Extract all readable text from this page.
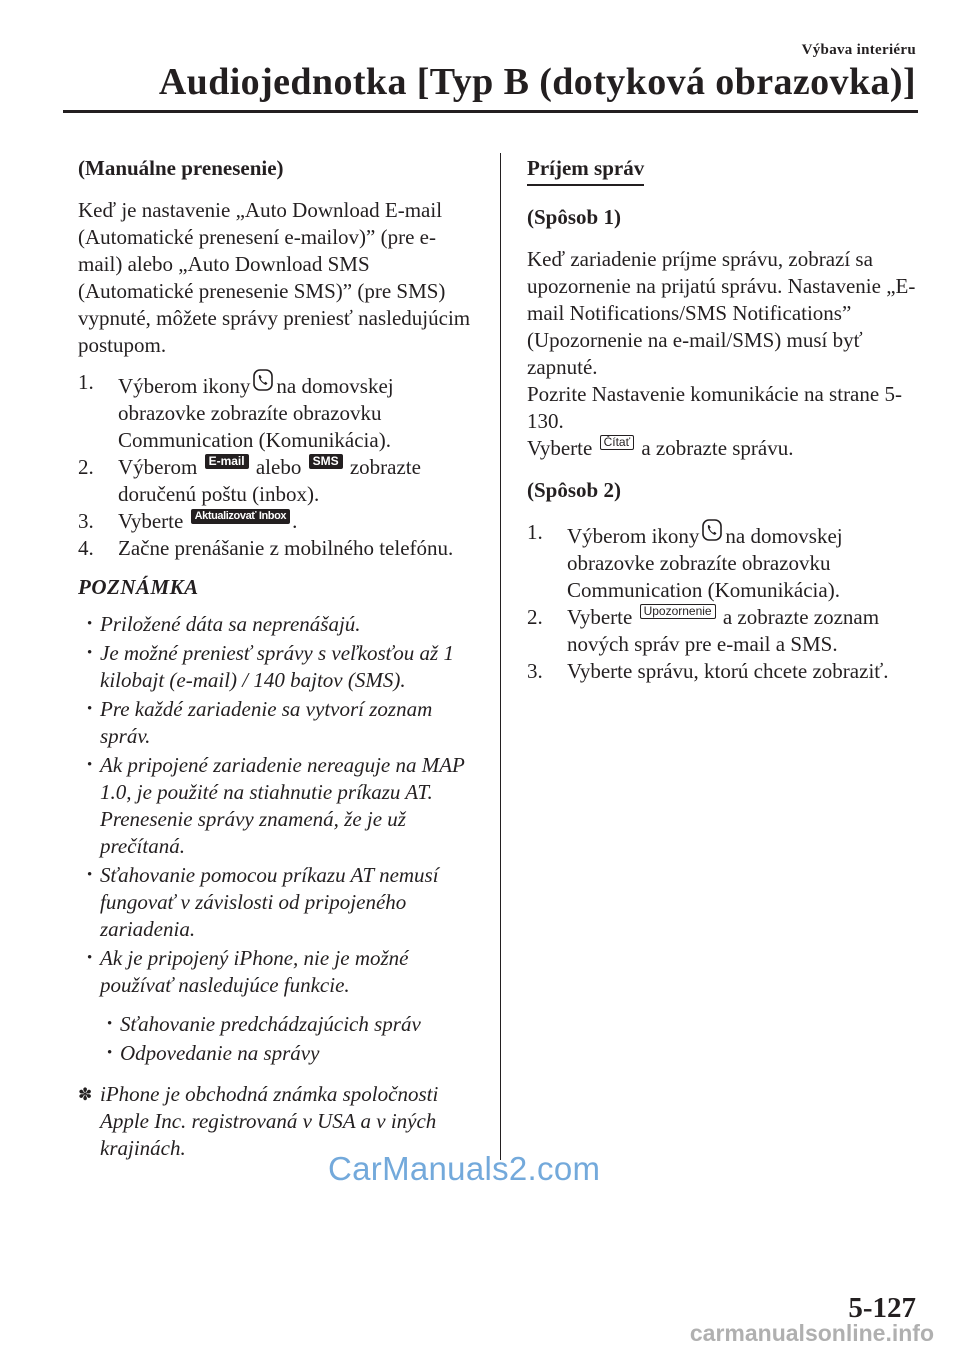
Výbava interiéru
Audiojednotka [Typ B (dotyková obrazovka)]

(Manuálne prenesenie)

Keď je nastavenie „Auto Download E-mail (Automatické prenesení e-mailov)” (pre e-mail) alebo „Auto Download SMS (Automatické prenesenie SMS)” (pre SMS) vypnuté, môžete správy preniesť nasledujúcim postupom.

1. Výberom ikony na domovskej obrazovke zobrazíte obrazovku Communication (Komunikácia).
2. Výberom E-mail alebo SMS zobrazte doručenú poštu (inbox).
3. Vyberte Aktualizovať Inbox .
4. Začne prenášanie z mobilného telefónu.

POZNÁMKA

• Priložené dáta sa neprenášajú.
• Je možné preniesť správy s veľkosťou až 1 kilobajt (e-mail) / 140 bajtov (SMS).
• Pre každé zariadenie sa vytvorí zoznam správ.
• Ak pripojené zariadenie nereaguje na MAP 1.0, je použité na stiahnutie príkazu AT. Prenesenie správy znamená, že je už prečítaná.
• Sťahovanie pomocou príkazu AT nemusí fungovať v závislosti od pripojeného zariadenia.
• Ak je pripojený iPhone, nie je možné používať nasledujúce funkcie.
• Sťahovanie predchádzajúcich správ
• Odpovedanie na správy

✽ iPhone je obchodná známka spoločnosti Apple Inc. registrovaná v USA a v iných krajinách.

Príjem správ

(Spôsob 1)

Keď zariadenie príjme správu, zobrazí sa upozornenie na prijatú správu. Nastavenie „E-mail Notifications/SMS Notifications” (Upozornenie na e-mail/SMS) musí byť zapnuté.

Pozrite Nastavenie komunikácie na strane 5-130.

Vyberte Čítať a zobrazte správu.

(Spôsob 2)

1. Výberom ikony na domovskej obrazovke zobrazíte obrazovku Communication (Komunikácia).
2. Vyberte Upozornenie a zobrazte zoznam nových správ pre e-mail a SMS.
3. Vyberte správu, ktorú chcete zobraziť.
CarManuals2.com
5-127
carmanualsonline.info
